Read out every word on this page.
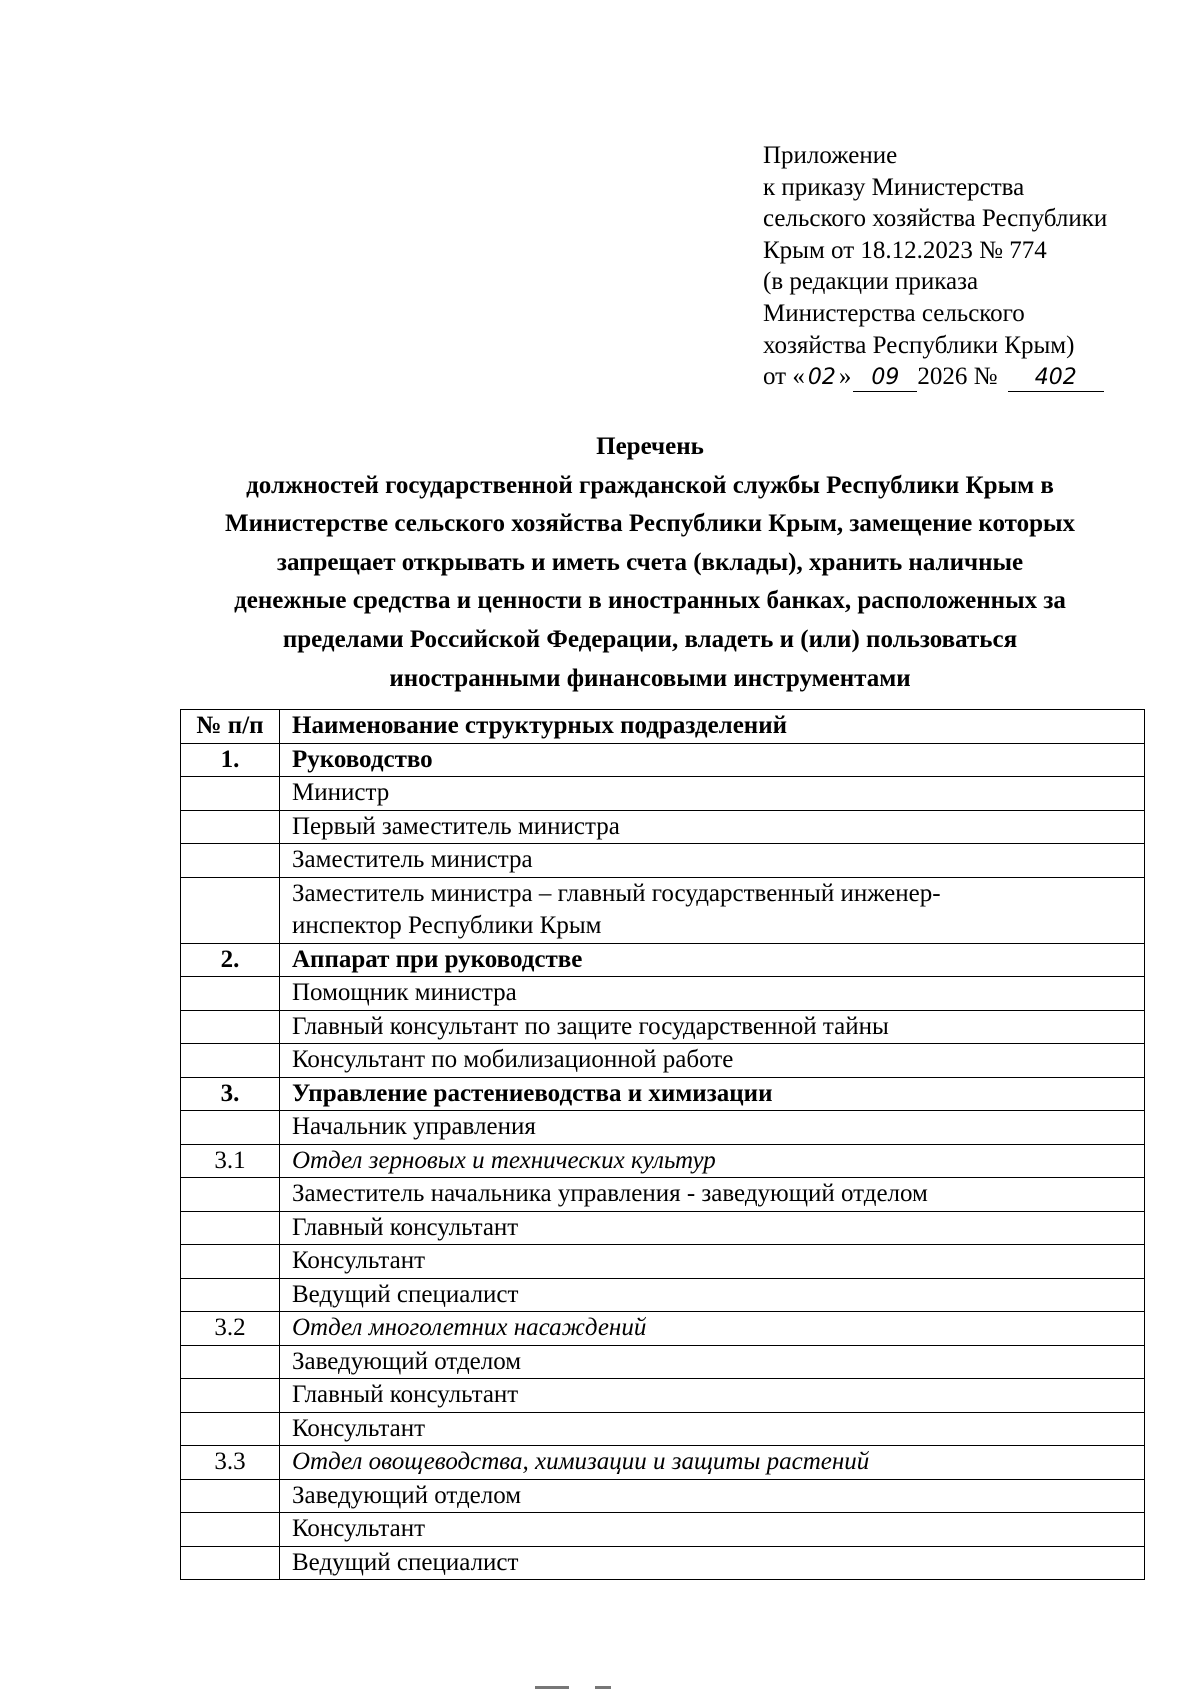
Приложение
к приказу Министерства
сельского хозяйства Республики
Крым от 18.12.2023 № 774
(в редакции приказа
Министерства сельского
хозяйства Республики Крым)
от « 02 » 09 2026 № 402
Перечень
должностей государственной гражданской службы Республики Крым в
Министерстве сельского хозяйства Республики Крым, замещение которых
запрещает открывать и иметь счета (вклады), хранить наличные
денежные средства и ценности в иностранных банках, расположенных за
пределами Российской Федерации, владеть и (или) пользоваться
иностранными финансовыми инструментами
№ п/п	Наименование структурных подразделений
1.	Руководство
	Министр
	Первый заместитель министра
	Заместитель министра

	Заместитель министра – главный государственный инженер-
инспектор Республики Крым

2.	Аппарат при руководстве
	Помощник министра
	Главный консультант по защите государственной тайны
	Консультант по мобилизационной работе
3.	Управление растениеводства и химизации
	Начальник управления
3.1	Отдел зерновых и технических культур
	Заместитель начальника управления - заведующий отделом
	Главный консультант
	Консультант
	Ведущий специалист
3.2	Отдел многолетних насаждений
	Заведующий отделом
	Главный консультант
	Консультант
3.3	Отдел овощеводства, химизации и защиты растений
	Заведующий отделом
	Консультант
	Ведущий специалист
